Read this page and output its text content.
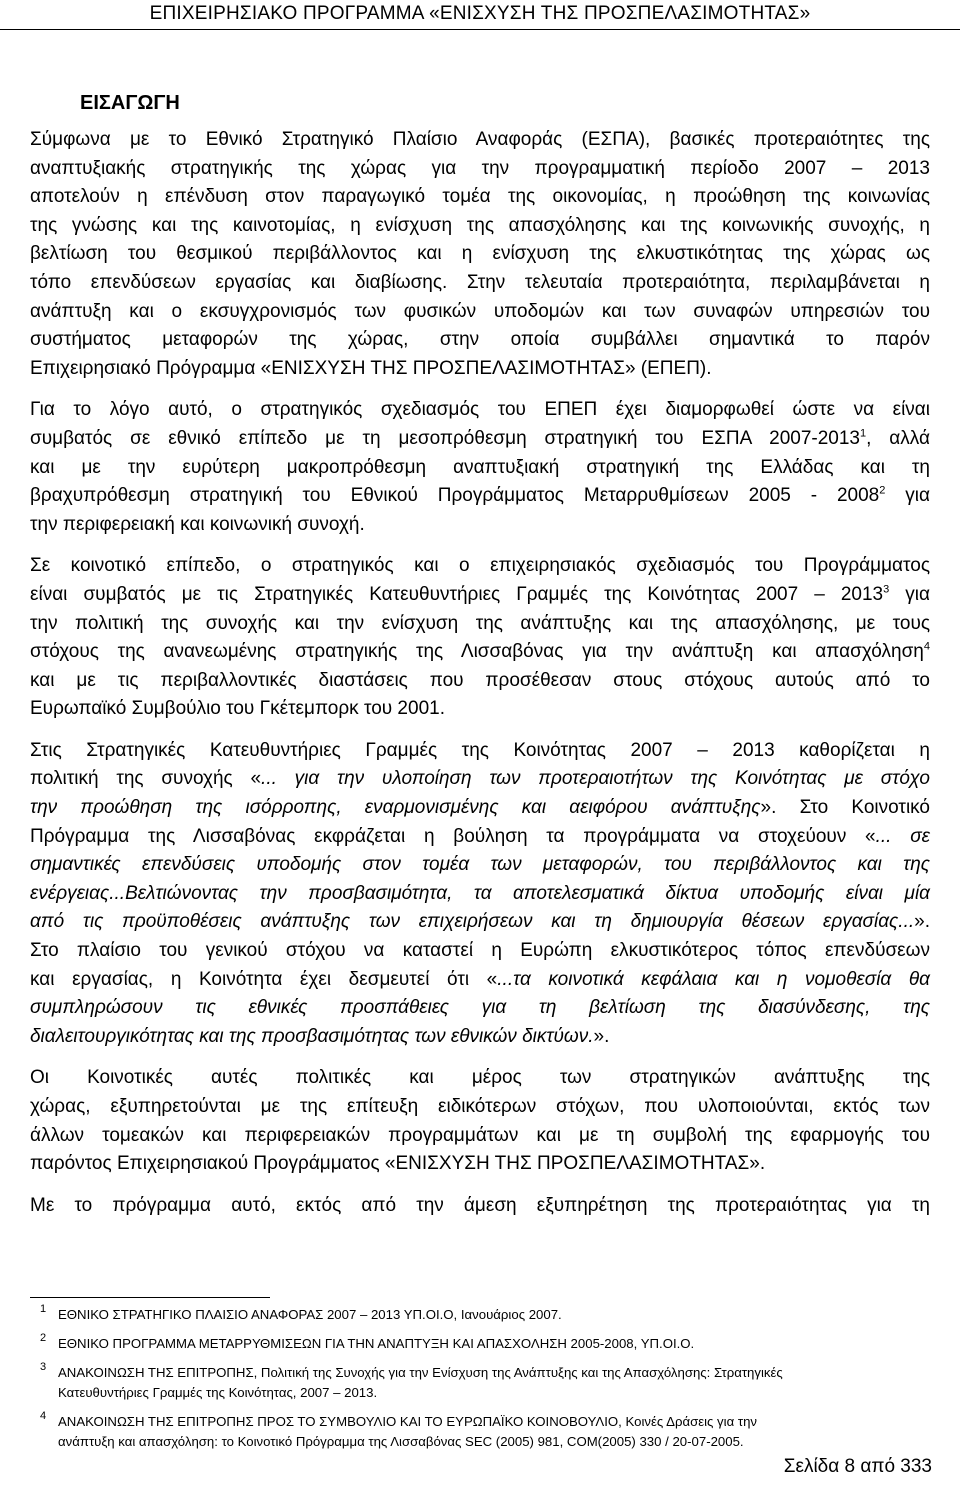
ΕΠΙΧΕΙΡΗΣΙΑΚΟ ΠΡΟΓΡΑΜΜΑ «ΕΝΙΣΧΥΣΗ ΤΗΣ ΠΡΟΣΠΕΛΑΣΙΜΟΤΗΤΑΣ»
ΕΙΣΑΓΩΓΗ
Σύμφωνα με το Εθνικό Στρατηγικό Πλαίσιο Αναφοράς (ΕΣΠΑ), βασικές προτεραιότητες της
αναπτυξιακής στρατηγικής της χώρας για την προγραμματική περίοδο 2007 – 2013
αποτελούν η επένδυση στον παραγωγικό τομέα της οικονομίας, η προώθηση της κοινωνίας
της γνώσης και της καινοτομίας, η ενίσχυση της απασχόλησης και της κοινωνικής συνοχής, η
βελτίωση του θεσμικού περιβάλλοντος και η ενίσχυση της ελκυστικότητας της χώρας ως
τόπο επενδύσεων εργασίας και διαβίωσης. Στην τελευταία προτεραιότητα, περιλαμβάνεται η
ανάπτυξη και ο εκσυγχρονισμός των φυσικών υποδομών και των συναφών υπηρεσιών του
συστήματος μεταφορών της χώρας, στην οποία συμβάλλει σημαντικά το παρόν
Επιχειρησιακό Πρόγραμμα «ΕΝΙΣΧΥΣΗ ΤΗΣ ΠΡΟΣΠΕΛΑΣΙΜΟΤΗΤΑΣ» (ΕΠΕΠ).
Για το λόγο αυτό, ο στρατηγικός σχεδιασμός του ΕΠΕΠ έχει διαμορφωθεί ώστε να είναι
συμβατός σε εθνικό επίπεδο με τη μεσοπρόθεσμη στρατηγική του ΕΣΠΑ 2007-2013$^1$, αλλά
και με την ευρύτερη μακροπρόθεσμη αναπτυξιακή στρατηγική της Ελλάδας και τη
βραχυπρόθεσμη στρατηγική του Εθνικού Προγράμματος Μεταρρυθμίσεων 2005 - 2008$^2$ για
την περιφερειακή και κοινωνική συνοχή.
Σε κοινοτικό επίπεδο, ο στρατηγικός και ο επιχειρησιακός σχεδιασμός του Προγράμματος
είναι συμβατός με τις Στρατηγικές Κατευθυντήριες Γραμμές της Κοινότητας 2007 – 2013$^3$ για
την πολιτική της συνοχής και την ενίσχυση της ανάπτυξης και της απασχόλησης, με τους
στόχους της ανανεωμένης στρατηγικής της Λισσαβόνας για την ανάπτυξη και απασχόληση$^4$
και με τις περιβαλλοντικές διαστάσεις που προσέθεσαν στους στόχους αυτούς από το
Ευρωπαϊκό Συμβούλιο του Γκέτεμπορκ του 2001.
Στις Στρατηγικές Κατευθυντήριες Γραμμές της Κοινότητας 2007 – 2013 καθορίζεται η
πολιτική της συνοχής «... για την υλοποίηση των προτεραιοτήτων της Κοινότητας με στόχο
την προώθηση της ισόρροπης, εναρμονισμένης και αειφόρου ανάπτυξης». Στο Κοινοτικό
Πρόγραμμα της Λισσαβόνας εκφράζεται η βούληση τα προγράμματα να στοχεύουν «... σε
σημαντικές επενδύσεις υποδομής στον τομέα των μεταφορών, του περιβάλλοντος και της
ενέργειας...Βελτιώνοντας την προσβασιμότητα, τα αποτελεσματικά δίκτυα υποδομής είναι μία
από τις προϋποθέσεις ανάπτυξης των επιχειρήσεων και τη δημιουργία θέσεων εργασίας...».
Στο πλαίσιο του γενικού στόχου να καταστεί η Ευρώπη ελκυστικότερος τόπος επενδύσεων
και εργασίας, η Κοινότητα έχει δεσμευτεί ότι «...τα κοινοτικά κεφάλαια και η νομοθεσία θα
συμπληρώσουν τις εθνικές προσπάθειες για τη βελτίωση της διασύνδεσης, της
διαλειτουργικότητας και της προσβασιμότητας των εθνικών δικτύων.».
Οι Κοινοτικές αυτές πολιτικές και μέρος των στρατηγικών ανάπτυξης της
χώρας, εξυπηρετούνται με της επίτευξη ειδικότερων στόχων, που υλοποιούνται, εκτός των
άλλων τομεακών και περιφερειακών προγραμμάτων και με τη συμβολή της εφαρμογής του
παρόντος Επιχειρησιακού Προγράμματος «ΕΝΙΣΧΥΣΗ ΤΗΣ ΠΡΟΣΠΕΛΑΣΙΜΟΤΗΤΑΣ».
Με το πρόγραμμα αυτό, εκτός από την άμεση εξυπηρέτηση της προτεραιότητας για τη
1 ΕΘΝΙΚΟ ΣΤΡΑΤΗΓΙΚΟ ΠΛΑΙΣΙΟ ΑΝΑΦΟΡΑΣ 2007 – 2013 ΥΠ.ΟΙ.Ο, Ιανουάριος 2007.
2 ΕΘΝΙΚΟ ΠΡΟΓΡΑΜΜΑ ΜΕΤΑΡΡΥΘΜΙΣΕΩΝ ΓΙΑ ΤΗΝ ΑΝΑΠΤΥΞΗ ΚΑΙ ΑΠΑΣΧΟΛΗΣΗ 2005-2008, ΥΠ.ΟΙ.Ο.
3 ΑΝΑΚΟΙΝΩΣΗ ΤΗΣ ΕΠΙΤΡΟΠΗΣ, Πολιτική της Συνοχής για την Ενίσχυση της Ανάπτυξης και της Απασχόλησης: Στρατηγικές
Κατευθυντήριες Γραμμές της Κοινότητας, 2007 – 2013.
4 ΑΝΑΚΟΙΝΩΣΗ ΤΗΣ ΕΠΙΤΡΟΠΗΣ ΠΡΟΣ ΤΟ ΣΥΜΒΟΥΛΙΟ ΚΑΙ ΤΟ ΕΥΡΩΠΑΪΚΟ ΚΟΙΝΟΒΟΥΛΙΟ, Κοινές Δράσεις για την
ανάπτυξη και απασχόληση: το Κοινοτικό Πρόγραμμα της Λισσαβόνας SEC (2005) 981, COM(2005) 330 / 20-07-2005.
Σελίδα 8 από 333
